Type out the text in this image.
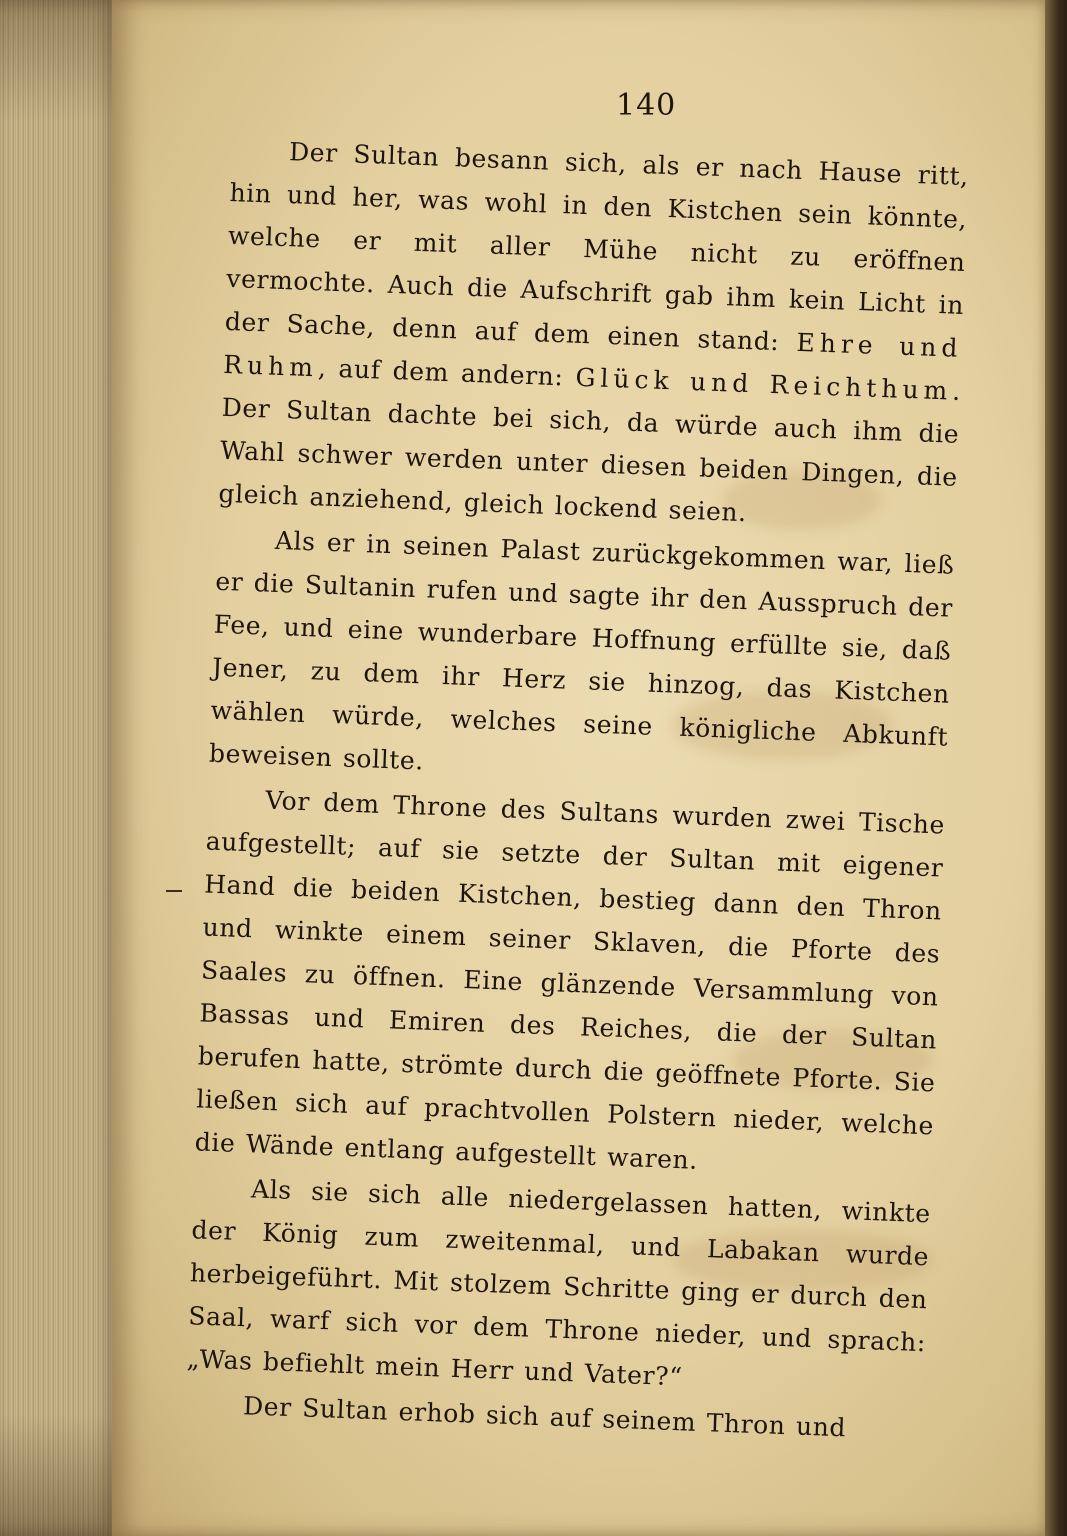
140

Der Sultan besann sich, als er nach Hause ritt, hin und her, was wohl in den Kistchen sein könnte, welche er mit aller Mühe nicht zu eröffnen vermochte. Auch die Aufschrift gab ihm kein Licht in der Sache, denn auf dem einen stand: Ehre und Ruhm, auf dem andern: Glück und Reichthum. Der Sultan dachte bei sich, da würde auch ihm die Wahl schwer werden unter diesen beiden Dingen, die gleich anziehend, gleich lockend seien.

Als er in seinen Palast zurückgekommen war, ließ er die Sultanin rufen und sagte ihr den Ausspruch der Fee, und eine wunderbare Hoffnung erfüllte sie, daß Jener, zu dem ihr Herz sie hinzog, das Kistchen wählen würde, welches seine königliche Abkunft beweisen sollte.

Vor dem Throne des Sultans wurden zwei Tische aufgestellt; auf sie setzte der Sultan mit eigener Hand die beiden Kistchen, bestieg dann den Thron und winkte einem seiner Sklaven, die Pforte des Saales zu öffnen. Eine glänzende Versammlung von Bassas und Emiren des Reiches, die der Sultan berufen hatte, strömte durch die geöffnete Pforte. Sie ließen sich auf prachtvollen Polstern nieder, welche die Wände entlang aufgestellt waren.

Als sie sich alle niedergelassen hatten, winkte der König zum zweitenmal, und Labakan wurde herbeigeführt. Mit stolzem Schritte ging er durch den Saal, warf sich vor dem Throne nieder, und sprach: „Was befiehlt mein Herr und Vater?“

Der Sultan erhob sich auf seinem Thron und
